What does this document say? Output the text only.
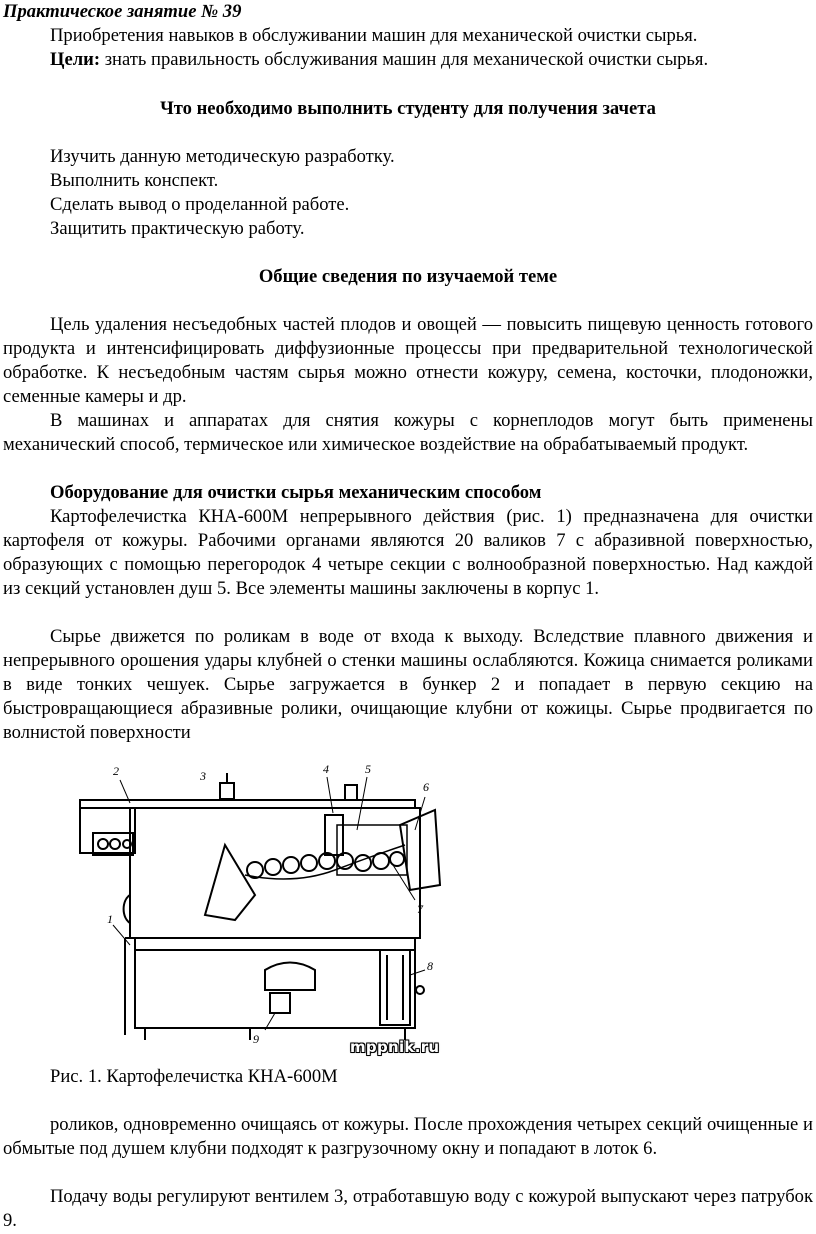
Практическое занятие № 39
Приобретения навыков в обслуживании машин для механической очистки сырья.
Цели: знать правильность обслуживания машин для механической очистки сырья.
Что необходимо выполнить студенту для получения зачета
Изучить данную методическую разработку.
Выполнить конспект.
Сделать вывод о проделанной работе.
Защитить практическую работу.
Общие сведения по изучаемой теме
Цель удаления несъедобных частей плодов и овощей — повысить пищевую ценность готового продукта и интенсифицировать диффузионные процессы при предварительной технологической обработке. К несъедобным частям сырья можно отнести кожуру, семена, косточки, плодоножки, семенные камеры и др.
В машинах и аппаратах для снятия кожуры с корнеплодов могут быть применены механический способ, термическое или химическое воздействие на обрабатываемый продукт.
Оборудование для очистки сырья механическим способом
Картофелечистка КНА-600М непрерывного действия (рис. 1) предназначена для очистки картофеля от кожуры. Рабочими органами являются 20 валиков 7 с абразивной поверхностью, образующих с помощью перегородок 4 четыре секции с волнообразной поверхностью. Над каждой из секций установлен душ 5. Все элементы машины заключены в корпус 1.
Сырье движется по роликам в воде от входа к выходу. Вследствие плавного движения и непрерывного орошения удары клубней о стенки машины ослабляются. Кожица снимается роликами в виде тонких чешуек. Сырье загружается в бункер 2 и попадает в первую секцию на быстровращающиеся абразивные ролики, очищающие клубни от кожицы. Сырье продвигается по волнистой поверхности
2	3	4	5
6
7
1
8
9	mppnik.ru
Рис. 1. Картофелечистка КНА-600М
роликов, одновременно очищаясь от кожуры. После прохождения четырех секций очищенные и обмытые под душем клубни подходят к разгрузочному окну и попадают в лоток 6.
Подачу воды регулируют вентилем 3, отработавшую воду с кожурой выпускают через патрубок 9.
